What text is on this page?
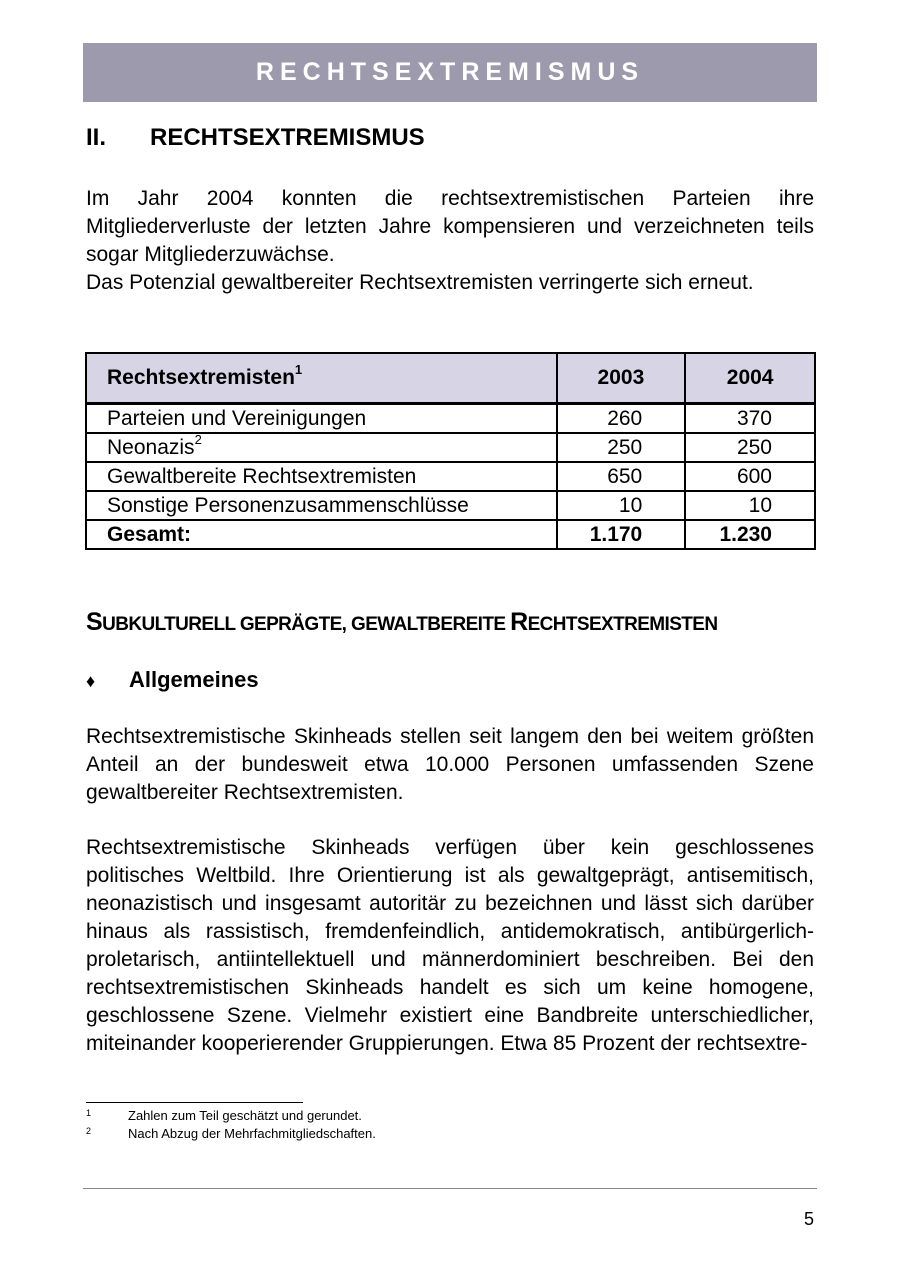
RECHTSEXTREMISMUS
II. RECHTSEXTREMISMUS

Im Jahr 2004 konnten die rechtsextremistischen Parteien ihre Mitgliederverluste der letzten Jahre kompensieren und verzeichneten teils sogar Mitgliederzuwächse.

Das Potenzial gewaltbereiter Rechtsextremisten verringerte sich erneut.

Rechtsextremisten$^1$	2003	2004
Parteien und Vereinigungen	260	370
Neonazis$^2$	250	250
Gewaltbereite Rechtsextremisten	650	600
Sonstige Personenzusammenschlüsse	10	10
Gesamt:	1.170	1.230
SUBKULTURELL GEPRÄGTE, GEWALTBEREITE RECHTSEXTREMISTEN
♦ Allgemeines

Rechtsextremistische Skinheads stellen seit langem den bei weitem größten Anteil an der bundesweit etwa 10.000 Personen umfassenden Szene gewaltbereiter Rechtsextremisten.

Rechtsextremistische Skinheads verfügen über kein geschlossenes politisches Weltbild. Ihre Orientierung ist als gewaltgeprägt, antisemitisch, neonazistisch und insgesamt autoritär zu bezeichnen und lässt sich darüber hinaus als rassistisch, fremdenfeindlich, antidemokratisch, antibürgerlich-proletarisch, antiintellektuell und männerdominiert beschreiben. Bei den rechtsextremistischen Skinheads handelt es sich um keine homogene, geschlossene Szene. Vielmehr existiert eine Bandbreite unterschiedlicher, miteinander kooperierender Gruppierungen. Etwa 85 Prozent der rechtsextre-

1	Zahlen zum Teil geschätzt und gerundet.
2	Nach Abzug der Mehrfachmitgliedschaften.
5
